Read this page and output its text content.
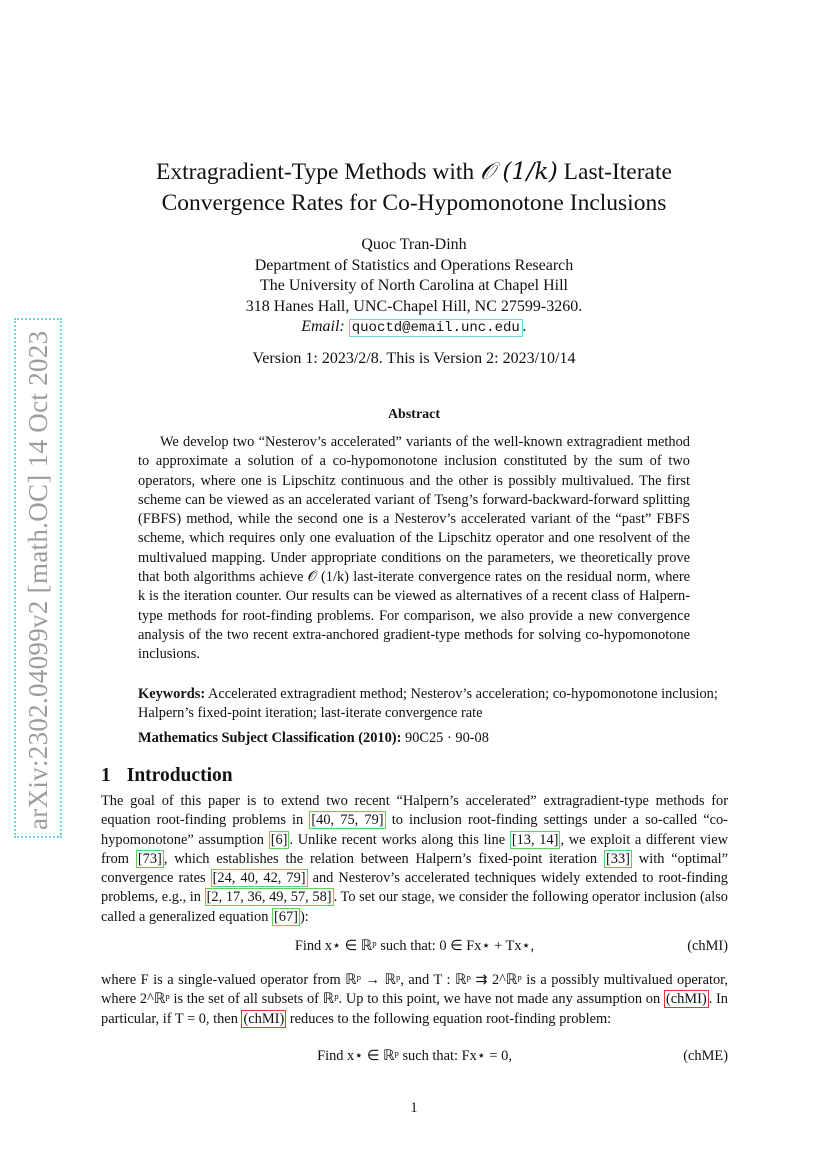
arXiv:2302.04099v2 [math.OC] 14 Oct 2023
Extragradient-Type Methods with 𝒪 (1/k) Last-Iterate
Convergence Rates for Co-Hypomonotone Inclusions
Quoc Tran-Dinh
Department of Statistics and Operations Research
The University of North Carolina at Chapel Hill
318 Hanes Hall, UNC-Chapel Hill, NC 27599-3260.
Email: quoctd@email.unc.edu .
Version 1: 2023/2/8. This is Version 2: 2023/10/14
Abstract
We develop two “Nesterov’s accelerated” variants of the well-known extragradient method to approximate a solution of a co-hypomonotone inclusion constituted by the sum of two operators, where one is Lipschitz continuous and the other is possibly multivalued. The first scheme can be viewed as an accelerated variant of Tseng’s forward-backward-forward splitting (FBFS) method, while the second one is a Nesterov’s accelerated variant of the “past” FBFS scheme, which requires only one evaluation of the Lipschitz operator and one resolvent of the multivalued mapping. Under appropriate conditions on the parameters, we theoretically prove that both algorithms achieve 𝒪 (1/k) last-iterate convergence rates on the residual norm, where k is the iteration counter. Our results can be viewed as alternatives of a recent class of Halpern-type methods for root-finding problems. For comparison, we also provide a new convergence analysis of the two recent extra-anchored gradient-type methods for solving co-hypomonotone inclusions.
Keywords: Accelerated extragradient method; Nesterov’s acceleration; co-hypomonotone inclusion; Halpern’s fixed-point iteration; last-iterate convergence rate
Mathematics Subject Classification (2010): 90C25 · 90-08
1 Introduction
The goal of this paper is to extend two recent “Halpern’s accelerated” extragradient-type methods for equation root-finding problems in [40, 75, 79] to inclusion root-finding settings under a so-called “co-hypomonotone” assumption [6] . Unlike recent works along this line [13, 14] , we exploit a different view from [73] , which establishes the relation between Halpern’s fixed-point iteration [33] with “optimal” convergence rates [24, 40, 42, 79] and Nesterov’s accelerated techniques widely extended to root-finding problems, e.g., in [2, 17, 36, 49, 57, 58] . To set our stage, we consider the following operator inclusion (also called a generalized equation [67] ):
Find x⋆ ∈ ℝᵖ such that: 0 ∈ Fx⋆ + Tx⋆,	(chMI)
where F is a single-valued operator from ℝᵖ → ℝᵖ, and T : ℝᵖ ⇉ 2^ℝᵖ is a possibly multivalued operator, where 2^ℝᵖ is the set of all subsets of ℝᵖ. Up to this point, we have not made any assumption on (chMI) . In particular, if T = 0, then (chMI) reduces to the following equation root-finding problem:
Find x⋆ ∈ ℝᵖ such that: Fx⋆ = 0,	(chME)
1
